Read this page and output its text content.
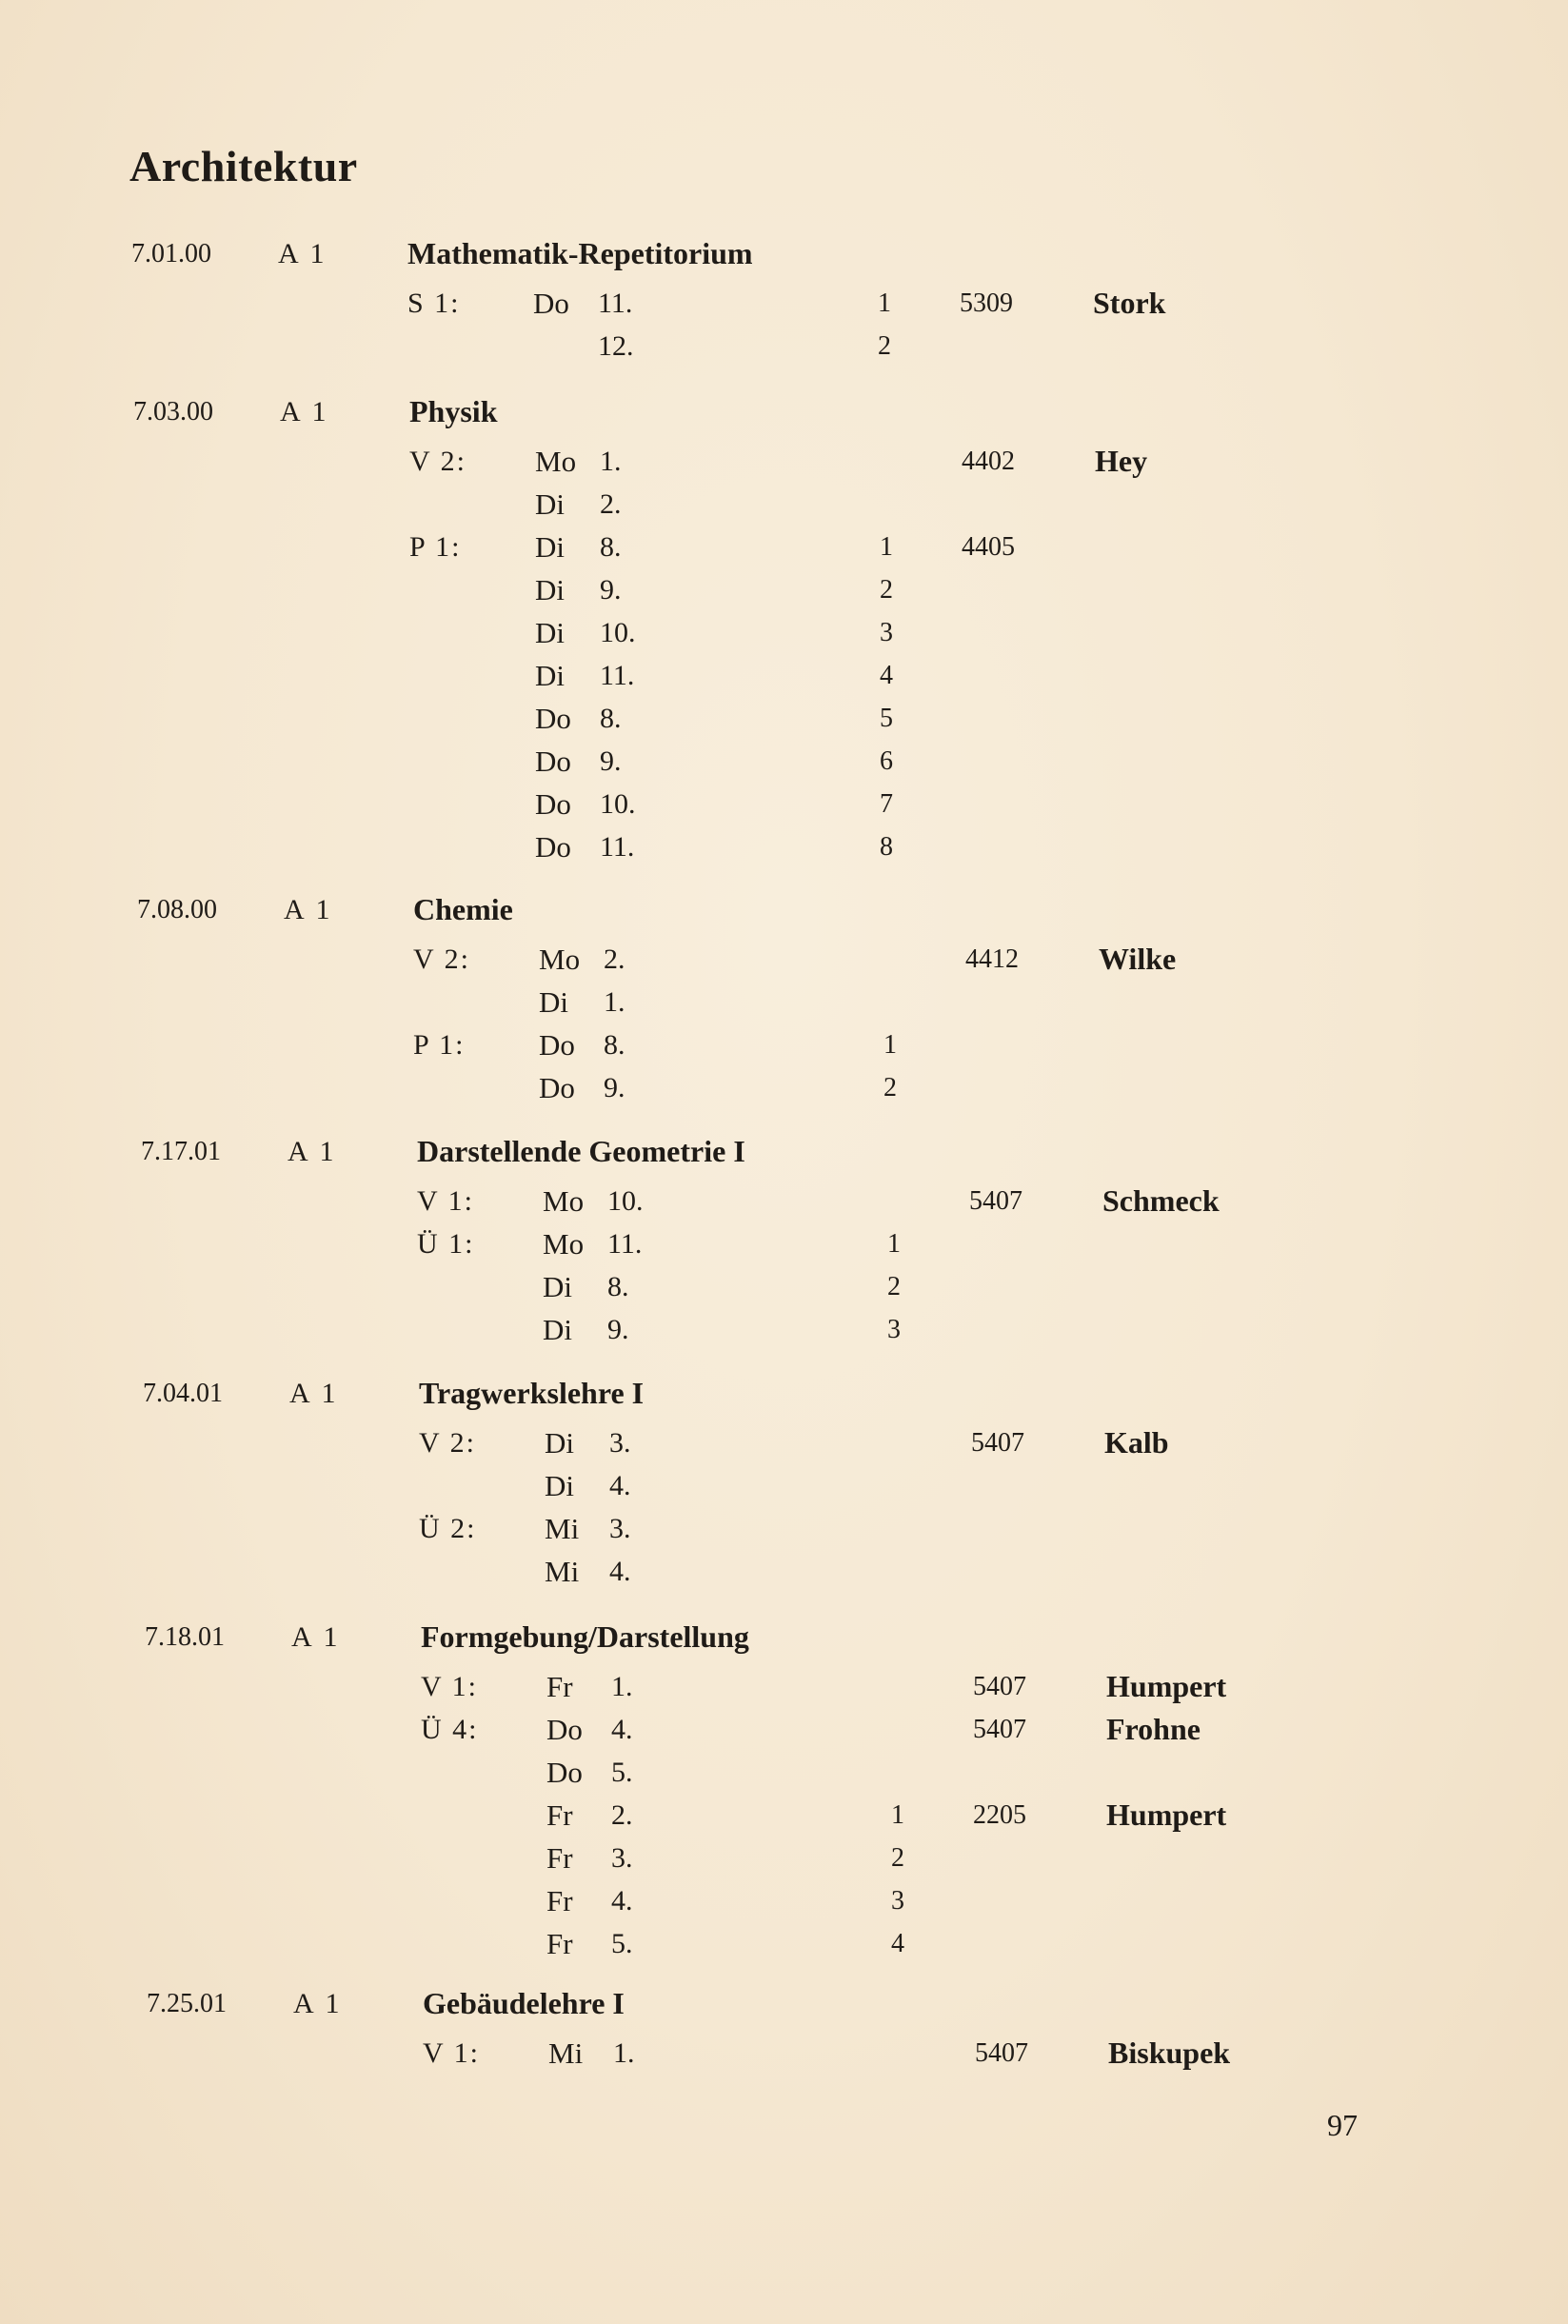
Architektur
7.01.00 A 1	Mathematik-Repetitorium
S 1: Do 11.	1	5309	Stork
12.	2
7.03.00 A 1	Physik
V 2: Mo 1.	4402	Hey
Di 2.
P 1:	Di 8.	1	4405
Di 9.	2
Di 10.	3
Di 11.	4
Do 8.	5
Do 9.	6
Do 10.	7
Do 11.	8
7.08.00 A 1	Chemie
V 2: Mo 2.	4412	Wilke
Di 1.
P 1:	Do 8.	1
Do 9.	2
7.17.01 A 1	Darstellende Geometrie I
V 1: Mo 10.	5407	Schmeck
Ü 1: Mo 11.	1
Di 8.	2
Di 9.	3
7.04.01 A 1	Tragwerkslehre I
V 2: Di 3.	5407	Kalb
Di 4.
Ü 2: Mi 3.
Mi 4.
7.18.01 A 1	Formgebung/Darstellung
V 1: Fr 1.	5407	Humpert
Ü 4: Do 4.	5407	Frohne
Do 5.
Fr 2.	1	2205	Humpert
Fr 3.	2
Fr 4.	3
Fr 5.	4
7.25.01 A 1	Gebäudelehre I
V 1: Mi 1.	5407	Biskupek
97
